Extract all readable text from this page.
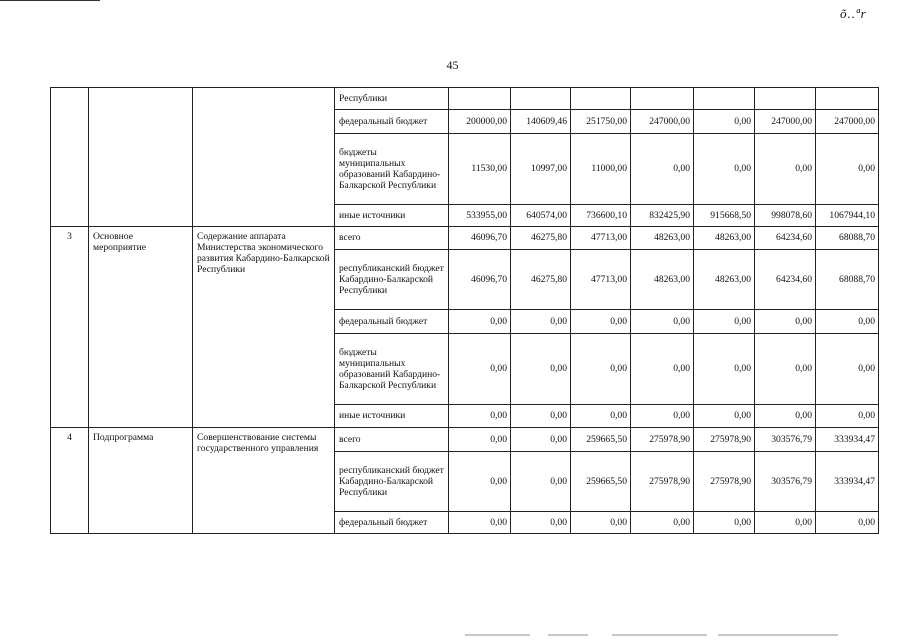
õ..ªr
45
			Республики							
			федеральный бюджет	200000,00	140609,46	251750,00	247000,00	0,00	247000,00	247000,00
			бюджеты муниципальных образований Кабардино-Балкарской Республики	11530,00	10997,00	11000,00	0,00	0,00	0,00	0,00
			иные источники	533955,00	640574,00	736600,10	832425,90	915668,50	998078,60	1067944,10
3	Основное мероприятие	Содержание аппарата Министерства экономического развития Кабардино-Балкарской Республики	всего	46096,70	46275,80	47713,00	48263,00	48263,00	64234,60	68088,70
			республиканский бюджет Кабардино-Балкарской Республики	46096,70	46275,80	47713,00	48263,00	48263,00	64234,60	68088,70
			федеральный бюджет	0,00	0,00	0,00	0,00	0,00	0,00	0,00
			бюджеты муниципальных образований Кабардино-Балкарской Республики	0,00	0,00	0,00	0,00	0,00	0,00	0,00
			иные источники	0,00	0,00	0,00	0,00	0,00	0,00	0,00
4	Подпрограмма	Совершенствование системы государственного управления	всего	0,00	0,00	259665,50	275978,90	275978,90	303576,79	333934,47
			республиканский бюджет Кабардино-Балкарской Республики	0,00	0,00	259665,50	275978,90	275978,90	303576,79	333934,47
			федеральный бюджет	0,00	0,00	0,00	0,00	0,00	0,00	0,00
